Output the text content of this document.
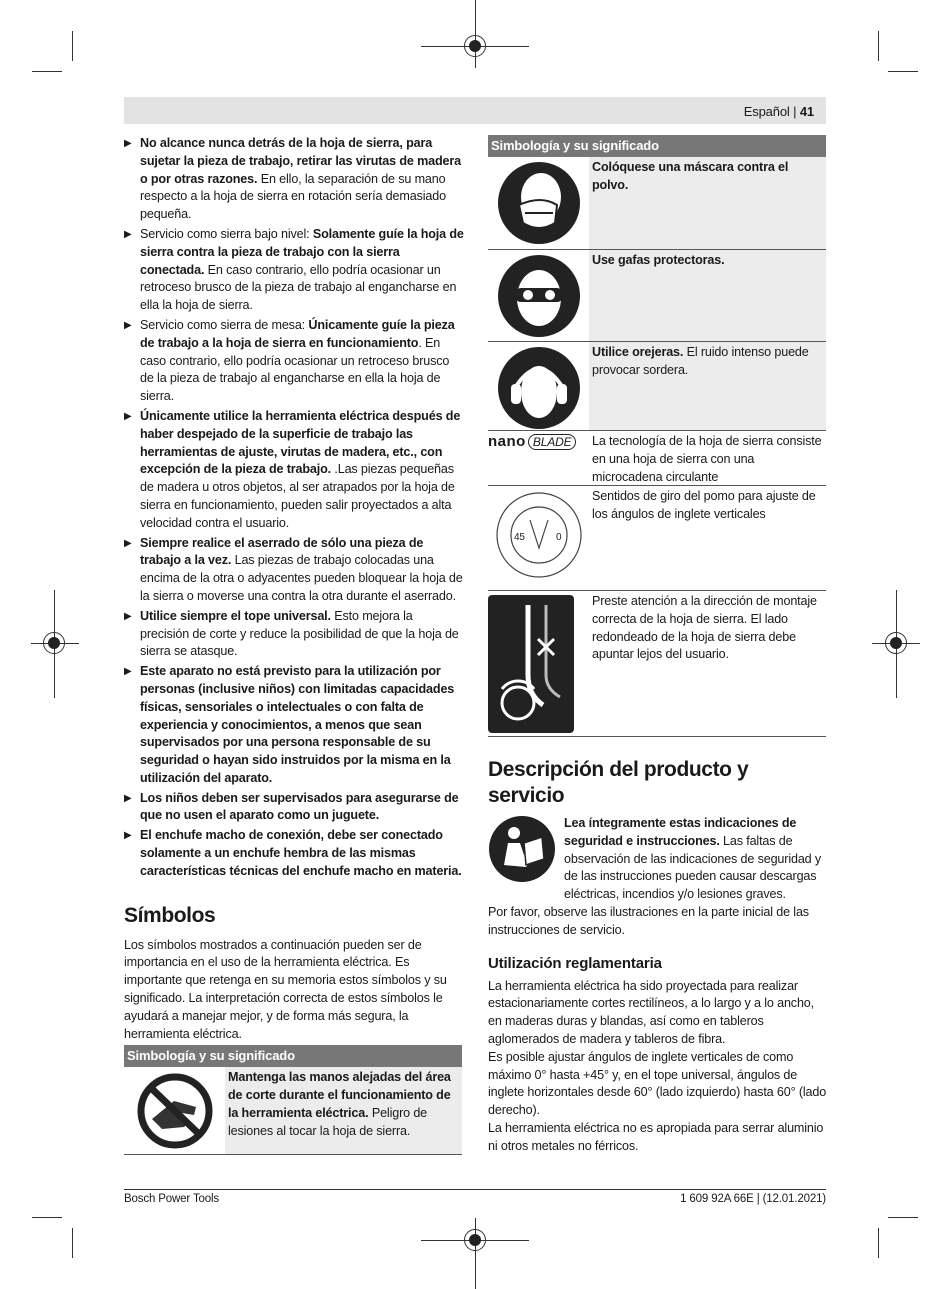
Español | 41
▶ No alcance nunca detrás de la hoja de sierra, para sujetar la pieza de trabajo, retirar las virutas de madera o por otras razones. En ello, la separación de su mano respecto a la hoja de sierra en rotación sería demasiado pequeña.
▶ Servicio como sierra bajo nivel: Solamente guíe la hoja de sierra contra la pieza de trabajo con la sierra conectada. En caso contrario, ello podría ocasionar un retroceso brusco de la pieza de trabajo al engancharse en ella la hoja de sierra.
▶ Servicio como sierra de mesa: Únicamente guíe la pieza de trabajo a la hoja de sierra en funcionamiento. En caso contrario, ello podría ocasionar un retroceso brusco de la pieza de trabajo al engancharse en ella la hoja de sierra.
▶ Únicamente utilice la herramienta eléctrica después de haber despejado de la superficie de trabajo las herramientas de ajuste, virutas de madera, etc., con excepción de la pieza de trabajo. .Las piezas pequeñas de madera u otros objetos, al ser atrapados por la hoja de sierra en funcionamiento, pueden salir proyectados a alta velocidad contra el usuario.
▶ Siempre realice el aserrado de sólo una pieza de trabajo a la vez. Las piezas de trabajo colocadas una encima de la otra o adyacentes pueden bloquear la hoja de la sierra o moverse una contra la otra durante el aserrado.
▶ Utilice siempre el tope universal. Esto mejora la precisión de corte y reduce la posibilidad de que la hoja de sierra se atasque.
▶ Este aparato no está previsto para la utilización por personas (inclusive niños) con limitadas capacidades físicas, sensoriales o intelectuales o con falta de experiencia y conocimientos, a menos que sean supervisados por una persona responsable de su seguridad o hayan sido instruidos por la misma en la utilización del aparato.
▶ Los niños deben ser supervisados para asegurarse de que no usen el aparato como un juguete.
▶ El enchufe macho de conexión, debe ser conectado solamente a un enchufe hembra de las mismas características técnicas del enchufe macho en materia.
Símbolos

Los símbolos mostrados a continuación pueden ser de importancia en el uso de la herramienta eléctrica. Es importante que retenga en su memoria estos símbolos y su significado. La interpretación correcta de estos símbolos le ayudará a manejar mejor, y de forma más segura, la herramienta eléctrica.

Simbología y su significado
Mantenga las manos alejadas del área de corte durante el funcionamiento de la herramienta eléctrica. Peligro de lesiones al tocar la hoja de sierra.
Simbología y su significado
Colóquese una máscara contra el polvo.
Use gafas protectoras.
Utilice orejeras. El ruido intenso puede provocar sordera.
nano BLADE	La tecnología de la hoja de sierra consiste en una hoja de sierra con una microcadena circulante
45	0
Sentidos de giro del pomo para ajuste de los ángulos de inglete verticales
Preste atención a la dirección de montaje correcta de la hoja de sierra. El lado redondeado de la hoja de sierra debe apuntar lejos del usuario.
Descripción del producto y servicio

Lea íntegramente estas indicaciones de seguridad e instrucciones. Las faltas de observación de las indicaciones de seguridad y de las instrucciones pueden causar descargas eléctricas, incendios y/o lesiones graves.

Por favor, observe las ilustraciones en la parte inicial de las instrucciones de servicio.

Utilización reglamentaria

La herramienta eléctrica ha sido proyectada para realizar estacionariamente cortes rectilíneos, a lo largo y a lo ancho, en maderas duras y blandas, así como en tableros aglomerados de madera y tableros de fibra.

Es posible ajustar ángulos de inglete verticales de como máximo 0° hasta +45° y, en el tope universal, ángulos de inglete horizontales desde 60° (lado izquierdo) hasta 60° (lado derecho).

La herramienta eléctrica no es apropiada para serrar aluminio ni otros metales no férricos.

Bosch Power Tools	1 609 92A 66E | (12.01.2021)
